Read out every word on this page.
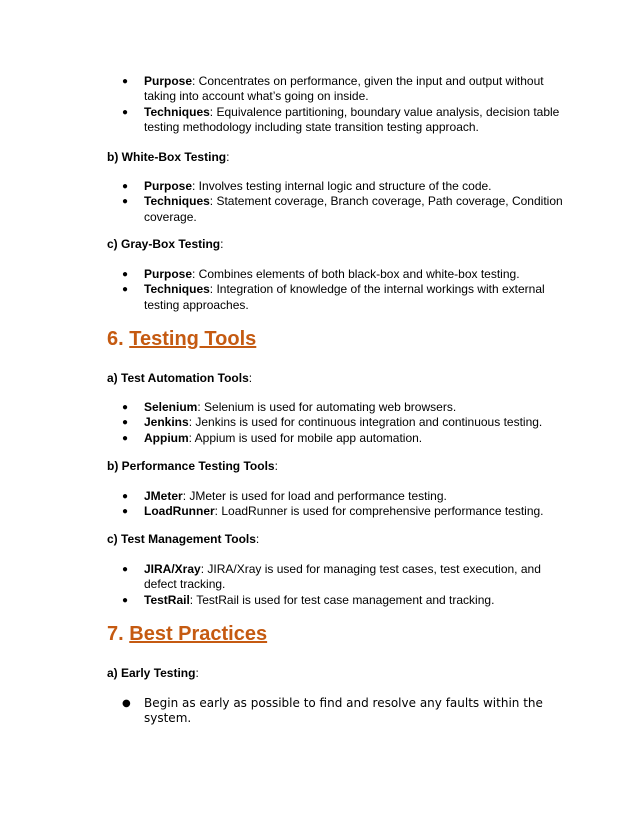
● Purpose: Concentrates on performance, given the input and output without taking into account what’s going on inside.
● Techniques: Equivalence partitioning, boundary value analysis, decision table testing methodology including state transition testing approach.
b) White-Box Testing:
● Purpose: Involves testing internal logic and structure of the code.
● Techniques: Statement coverage, Branch coverage, Path coverage, Condition coverage.
c) Gray-Box Testing:
● Purpose: Combines elements of both black-box and white-box testing.
● Techniques: Integration of knowledge of the internal workings with external testing approaches.
6. Testing Tools
a) Test Automation Tools:
● Selenium: Selenium is used for automating web browsers.
● Jenkins: Jenkins is used for continuous integration and continuous testing.
● Appium: Appium is used for mobile app automation.
b) Performance Testing Tools:
● JMeter: JMeter is used for load and performance testing.
● LoadRunner: LoadRunner is used for comprehensive performance testing.
c) Test Management Tools:
● JIRA/Xray: JIRA/Xray is used for managing test cases, test execution, and defect tracking.
● TestRail: TestRail is used for test case management and tracking.
7. Best Practices
a) Early Testing:
● Begin as early as possible to find and resolve any faults within the system.
